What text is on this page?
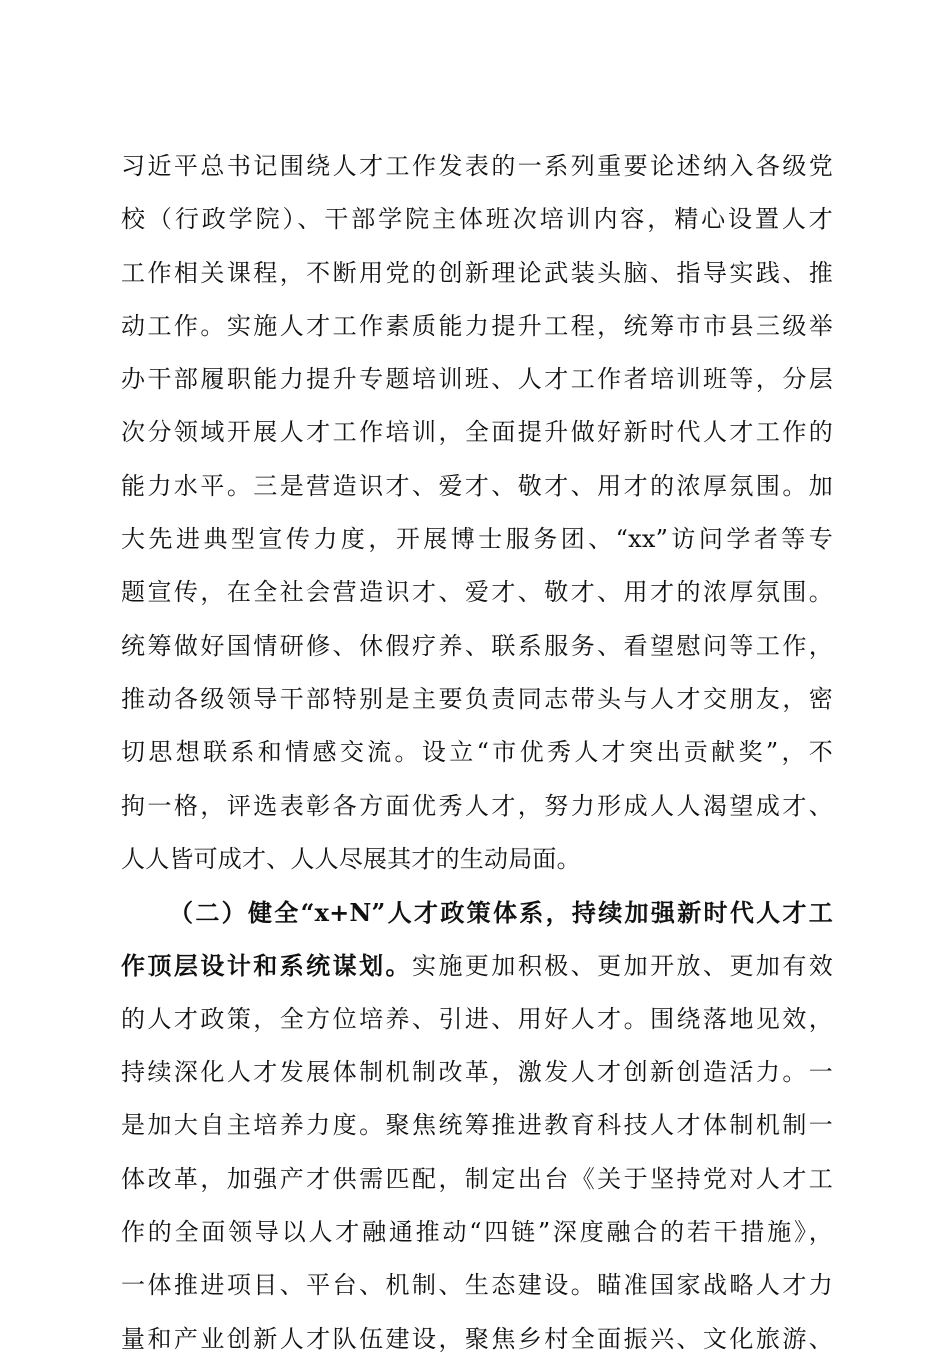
习近平总书记围绕人才工作发表的一系列重要论述纳入各级党
校（行政学院）、干部学院主体班次培训内容，精心设置人才
工作相关课程，不断用党的创新理论武装头脑、指导实践、推
动工作。实施人才工作素质能力提升工程，统筹市市县三级举
办干部履职能力提升专题培训班、人才工作者培训班等，分层
次分领域开展人才工作培训，全面提升做好新时代人才工作的
能力水平。三是营造识才、爱才、敬才、用才的浓厚氛围。加
大先进典型宣传力度，开展博士服务团、“xx”访问学者等专
题宣传，在全社会营造识才、爱才、敬才、用才的浓厚氛围。
统筹做好国情研修、休假疗养、联系服务、看望慰问等工作，
推动各级领导干部特别是主要负责同志带头与人才交朋友，密
切思想联系和情感交流。设立“市优秀人才突出贡献奖”，不
拘一格，评选表彰各方面优秀人才，努力形成人人渴望成才、
人人皆可成才、人人尽展其才的生动局面。
（二）健全“x+N”人才政策体系，持续加强新时代人才工
作顶层设计和系统谋划。实施更加积极、更加开放、更加有效
的人才政策，全方位培养、引进、用好人才。围绕落地见效，
持续深化人才发展体制机制改革，激发人才创新创造活力。一
是加大自主培养力度。聚焦统筹推进教育科技人才体制机制一
体改革，加强产才供需匹配，制定出台《关于坚持党对人才工
作的全面领导以人才融通推动“四链”深度融合的若干措施》，
一体推进项目、平台、机制、生态建设。瞄准国家战略人才力
量和产业创新人才队伍建设，聚焦乡村全面振兴、文化旅游、
